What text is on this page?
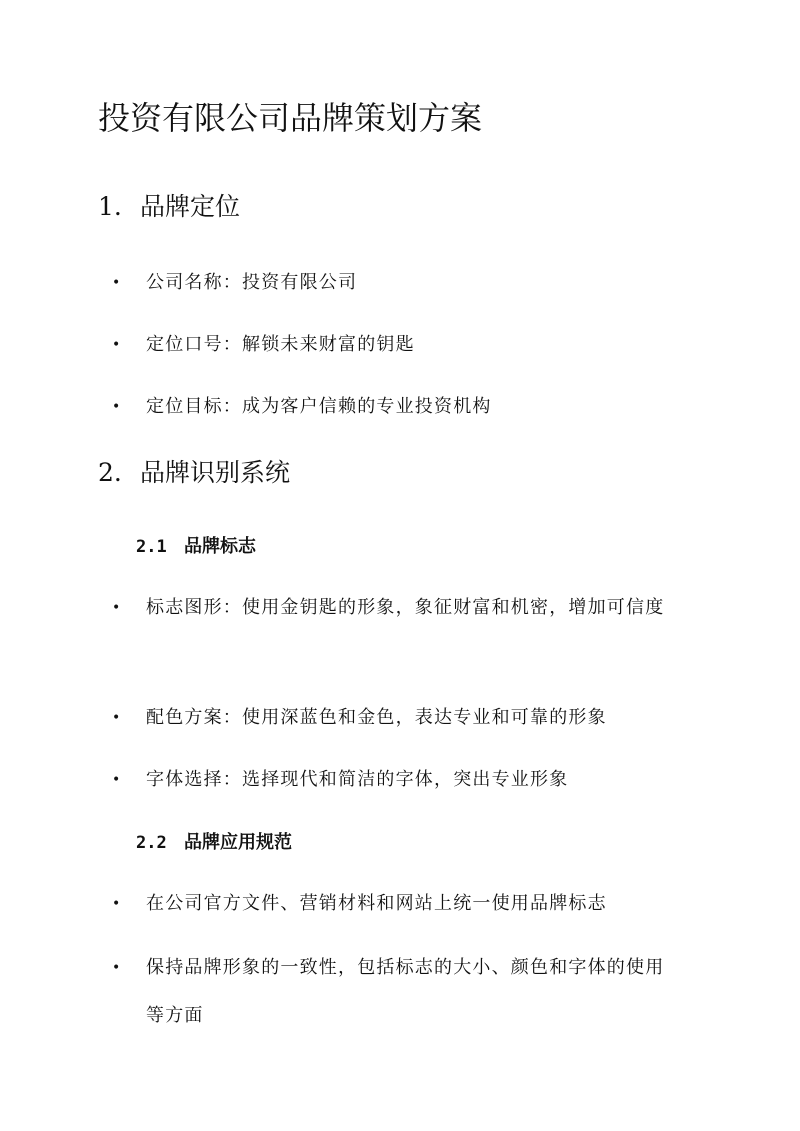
投资有限公司品牌策划方案
1. 品牌定位
•	公司名称：投资有限公司
•	定位口号：解锁未来财富的钥匙
•	定位目标：成为客户信赖的专业投资机构
2. 品牌识别系统
2.1 品牌标志
•	标志图形：使用金钥匙的形象，象征财富和机密，增加可信度
•	配色方案：使用深蓝色和金色，表达专业和可靠的形象
•	字体选择：选择现代和简洁的字体，突出专业形象
2.2 品牌应用规范
•	在公司官方文件、营销材料和网站上统一使用品牌标志
•	保持品牌形象的一致性，包括标志的大小、颜色和字体的使用等方面
